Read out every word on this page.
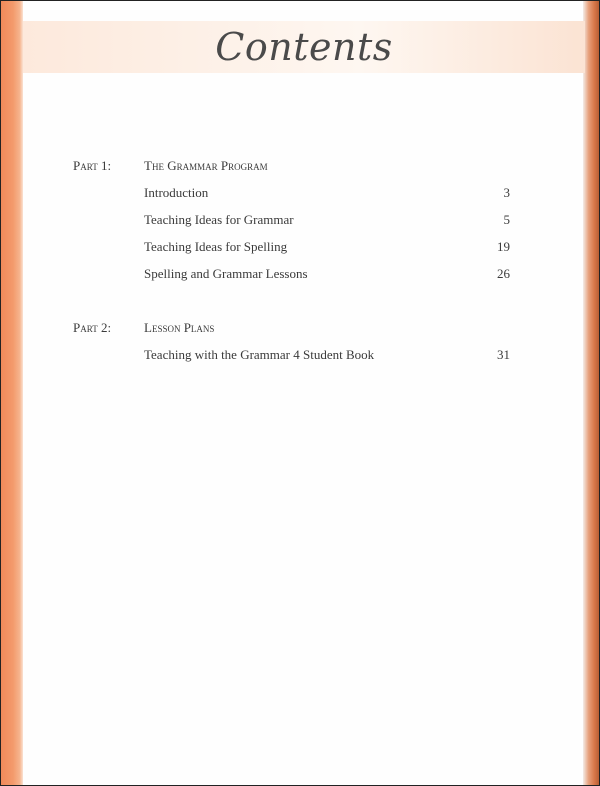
Contents
Part 1:	The Grammar Program
Introduction	3
Teaching Ideas for Grammar	5
Teaching Ideas for Spelling	19
Spelling and Grammar Lessons	26
Part 2:	Lesson Plans
Teaching with the Grammar 4 Student Book	31
